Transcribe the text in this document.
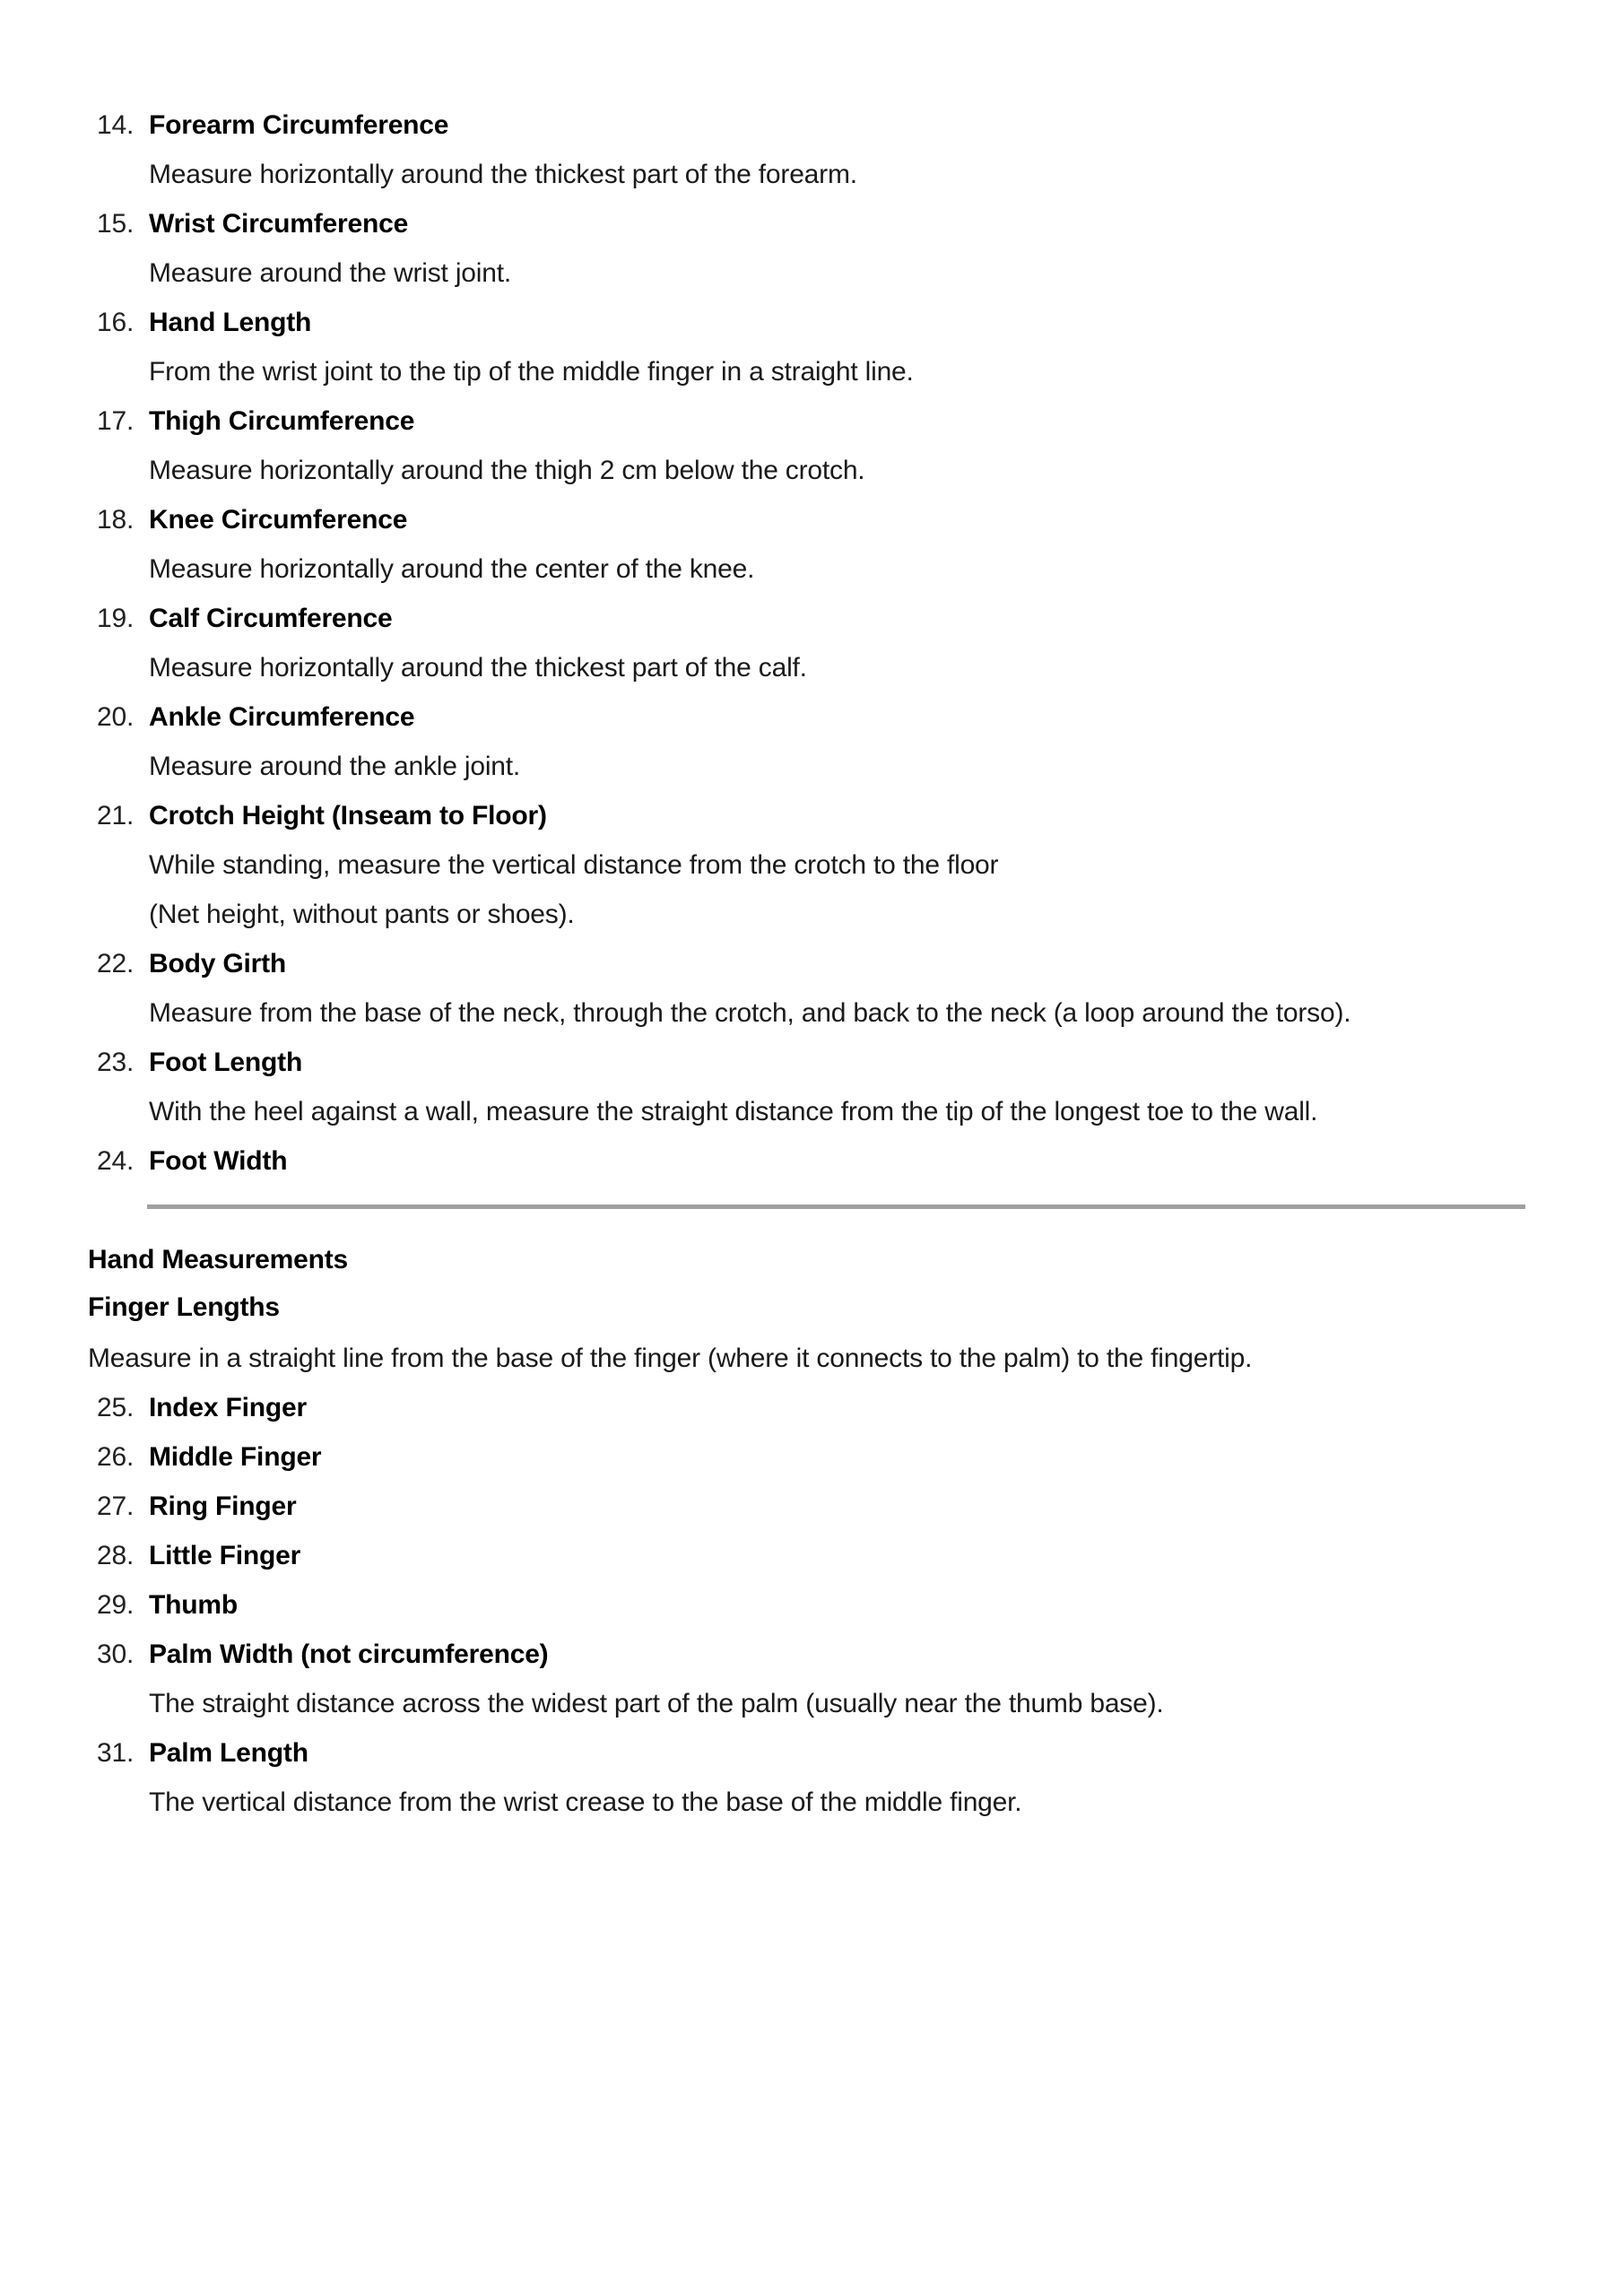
14. Forearm Circumference
Measure horizontally around the thickest part of the forearm.
15. Wrist Circumference
Measure around the wrist joint.
16. Hand Length
From the wrist joint to the tip of the middle finger in a straight line.
17. Thigh Circumference
Measure horizontally around the thigh 2 cm below the crotch.
18. Knee Circumference
Measure horizontally around the center of the knee.
19. Calf Circumference
Measure horizontally around the thickest part of the calf.
20. Ankle Circumference
Measure around the ankle joint.
21. Crotch Height (Inseam to Floor)
While standing, measure the vertical distance from the crotch to the floor
(Net height, without pants or shoes).
22. Body Girth
Measure from the base of the neck, through the crotch, and back to the neck (a loop around the torso).
23. Foot Length
With the heel against a wall, measure the straight distance from the tip of the longest toe to the wall.
24. Foot Width
Hand Measurements
Finger Lengths
Measure in a straight line from the base of the finger (where it connects to the palm) to the fingertip.
25. Index Finger
26. Middle Finger
27. Ring Finger
28. Little Finger
29. Thumb
30. Palm Width (not circumference)
The straight distance across the widest part of the palm (usually near the thumb base).
31. Palm Length
The vertical distance from the wrist crease to the base of the middle finger.
